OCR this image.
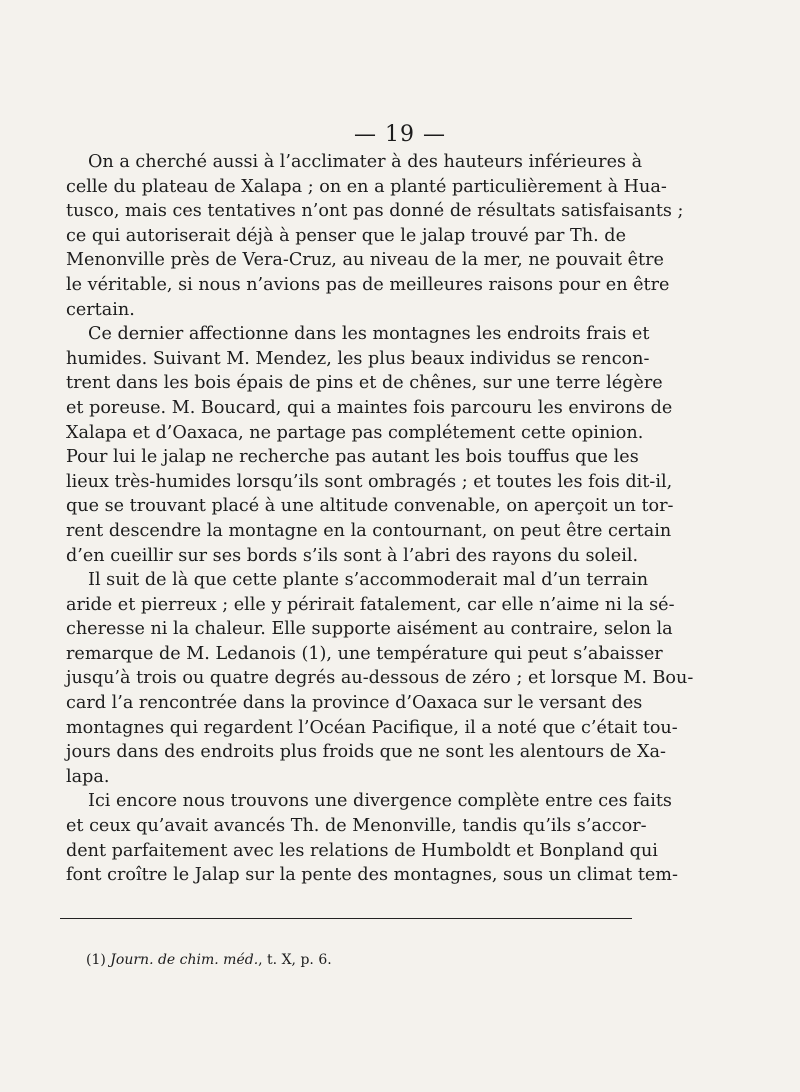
— 19 —
On a cherché aussi à l’acclimater à des hauteurs inférieures à
celle du plateau de Xalapa ; on en a planté particulièrement à Hua-
tusco, mais ces tentatives n’ont pas donné de résultats satisfaisants ;
ce qui autoriserait déjà à penser que le jalap trouvé par Th. de
Menonville près de Vera-Cruz, au niveau de la mer, ne pouvait être
le véritable, si nous n’avions pas de meilleures raisons pour en être
certain.
Ce dernier affectionne dans les montagnes les endroits frais et
humides. Suivant M. Mendez, les plus beaux individus se rencon-
trent dans les bois épais de pins et de chênes, sur une terre légère
et poreuse. M. Boucard, qui a maintes fois parcouru les environs de
Xalapa et d’Oaxaca, ne partage pas complétement cette opinion.
Pour lui le jalap ne recherche pas autant les bois touffus que les
lieux très-humides lorsqu’ils sont ombragés ; et toutes les fois dit-il,
que se trouvant placé à une altitude convenable, on aperçoit un tor-
rent descendre la montagne en la contournant, on peut être certain
d’en cueillir sur ses bords s’ils sont à l’abri des rayons du soleil.
Il suit de là que cette plante s’accommoderait mal d’un terrain
aride et pierreux ; elle y périrait fatalement, car elle n’aime ni la sé-
cheresse ni la chaleur. Elle supporte aisément au contraire, selon la
remarque de M. Ledanois (1), une température qui peut s’abaisser
jusqu’à trois ou quatre degrés au-dessous de zéro ; et lorsque M. Bou-
card l’a rencontrée dans la province d’Oaxaca sur le versant des
montagnes qui regardent l’Océan Pacifique, il a noté que c’était tou-
jours dans des endroits plus froids que ne sont les alentours de Xa-
lapa.
Ici encore nous trouvons une divergence complète entre ces faits
et ceux qu’avait avancés Th. de Menonville, tandis qu’ils s’accor-
dent parfaitement avec les relations de Humboldt et Bonpland qui
font croître le Jalap sur la pente des montagnes, sous un climat tem-
(1) Journ. de chim. méd., t. X, p. 6.
